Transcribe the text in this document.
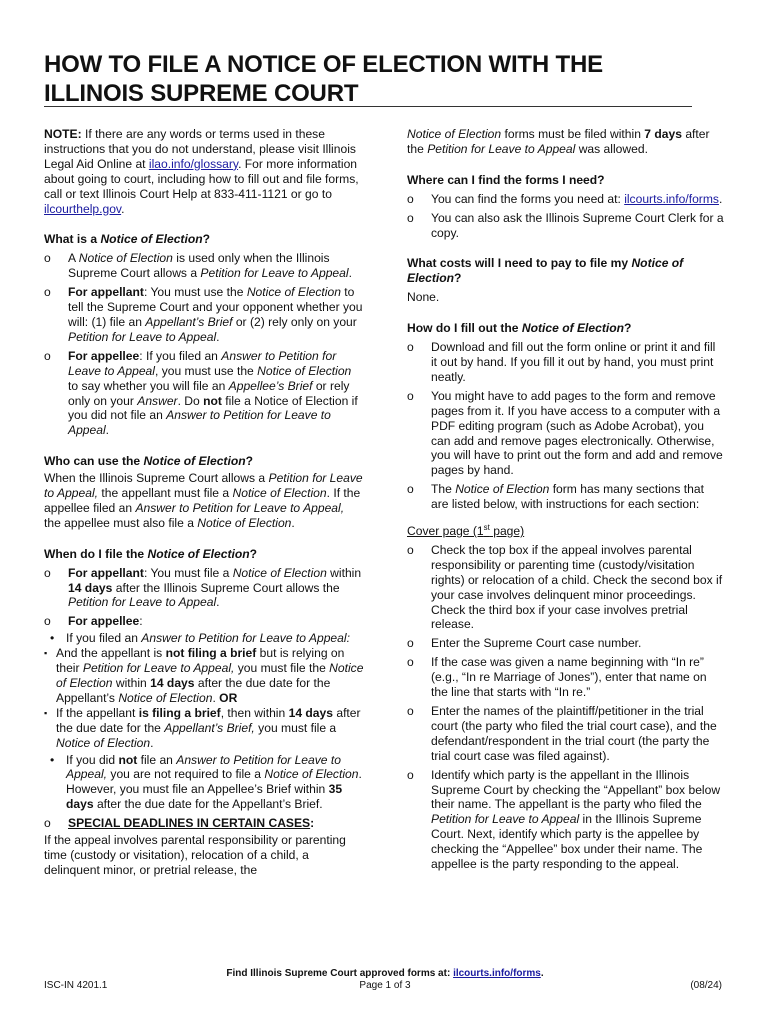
HOW TO FILE A NOTICE OF ELECTION WITH THE ILLINOIS SUPREME COURT

NOTE: If there are any words or terms used in these instructions that you do not understand, please visit Illinois Legal Aid Online at ilao.info/glossary. For more information about going to court, including how to fill out and file forms, call or text Illinois Court Help at 833-411-1121 or go to ilcourthelp.gov.

What is a Notice of Election?

o A Notice of Election is used only when the Illinois Supreme Court allows a Petition for Leave to Appeal.

o For appellant: You must use the Notice of Election to tell the Supreme Court and your opponent whether you will: (1) file an Appellant’s Brief or (2) rely only on your Petition for Leave to Appeal.

o For appellee: If you filed an Answer to Petition for Leave to Appeal, you must use the Notice of Election to say whether you will file an Appellee’s Brief or rely only on your Answer. Do not file a Notice of Election if you did not file an Answer to Petition for Leave to Appeal.

Who can use the Notice of Election?

When the Illinois Supreme Court allows a Petition for Leave to Appeal, the appellant must file a Notice of Election. If the appellee filed an Answer to Petition for Leave to Appeal, the appellee must also file a Notice of Election.

When do I file the Notice of Election?

o For appellant: You must file a Notice of Election within 14 days after the Illinois Supreme Court allows the Petition for Leave to Appeal.

o For appellee:

• If you filed an Answer to Petition for Leave to Appeal:

▪ And the appellant is not filing a brief but is relying on their Petition for Leave to Appeal, you must file the Notice of Election within 14 days after the due date for the Appellant’s Notice of Election. OR

▪ If the appellant is filing a brief, then within 14 days after the due date for the Appellant’s Brief, you must file a Notice of Election.

• If you did not file an Answer to Petition for Leave to Appeal, you are not required to file a Notice of Election. However, you must file an Appellee’s Brief within 35 days after the due date for the Appellant’s Brief.

o SPECIAL DEADLINES IN CERTAIN CASES:

If the appeal involves parental responsibility or parenting time (custody or visitation), relocation of a child, a delinquent minor, or pretrial release, the

Notice of Election forms must be filed within 7 days after the Petition for Leave to Appeal was allowed.

Where can I find the forms I need?

o You can find the forms you need at: ilcourts.info/forms.

o You can also ask the Illinois Supreme Court Clerk for a copy.

What costs will I need to pay to file my Notice of Election?

None.

How do I fill out the Notice of Election?

o Download and fill out the form online or print it and fill it out by hand. If you fill it out by hand, you must print neatly.

o You might have to add pages to the form and remove pages from it. If you have access to a computer with a PDF editing program (such as Adobe Acrobat), you can add and remove pages electronically. Otherwise, you will have to print out the form and add and remove pages by hand.

o The Notice of Election form has many sections that are listed below, with instructions for each section:

Cover page (1st page)

o Check the top box if the appeal involves parental responsibility or parenting time (custody/visitation rights) or relocation of a child. Check the second box if your case involves delinquent minor proceedings. Check the third box if your case involves pretrial release.

o Enter the Supreme Court case number.

o If the case was given a name beginning with “In re” (e.g., “In re Marriage of Jones”), enter that name on the line that starts with “In re.”

o Enter the names of the plaintiff/petitioner in the trial court (the party who filed the trial court case), and the defendant/respondent in the trial court (the party the trial court case was filed against).

o Identify which party is the appellant in the Illinois Supreme Court by checking the “Appellant” box below their name. The appellant is the party who filed the Petition for Leave to Appeal in the Illinois Supreme Court. Next, identify which party is the appellee by checking the “Appellee” box under their name. The appellee is the party responding to the appeal.

Find Illinois Supreme Court approved forms at: ilcourts.info/forms.
Page 1 of 3
ISC-IN 4201.1	(08/24)
